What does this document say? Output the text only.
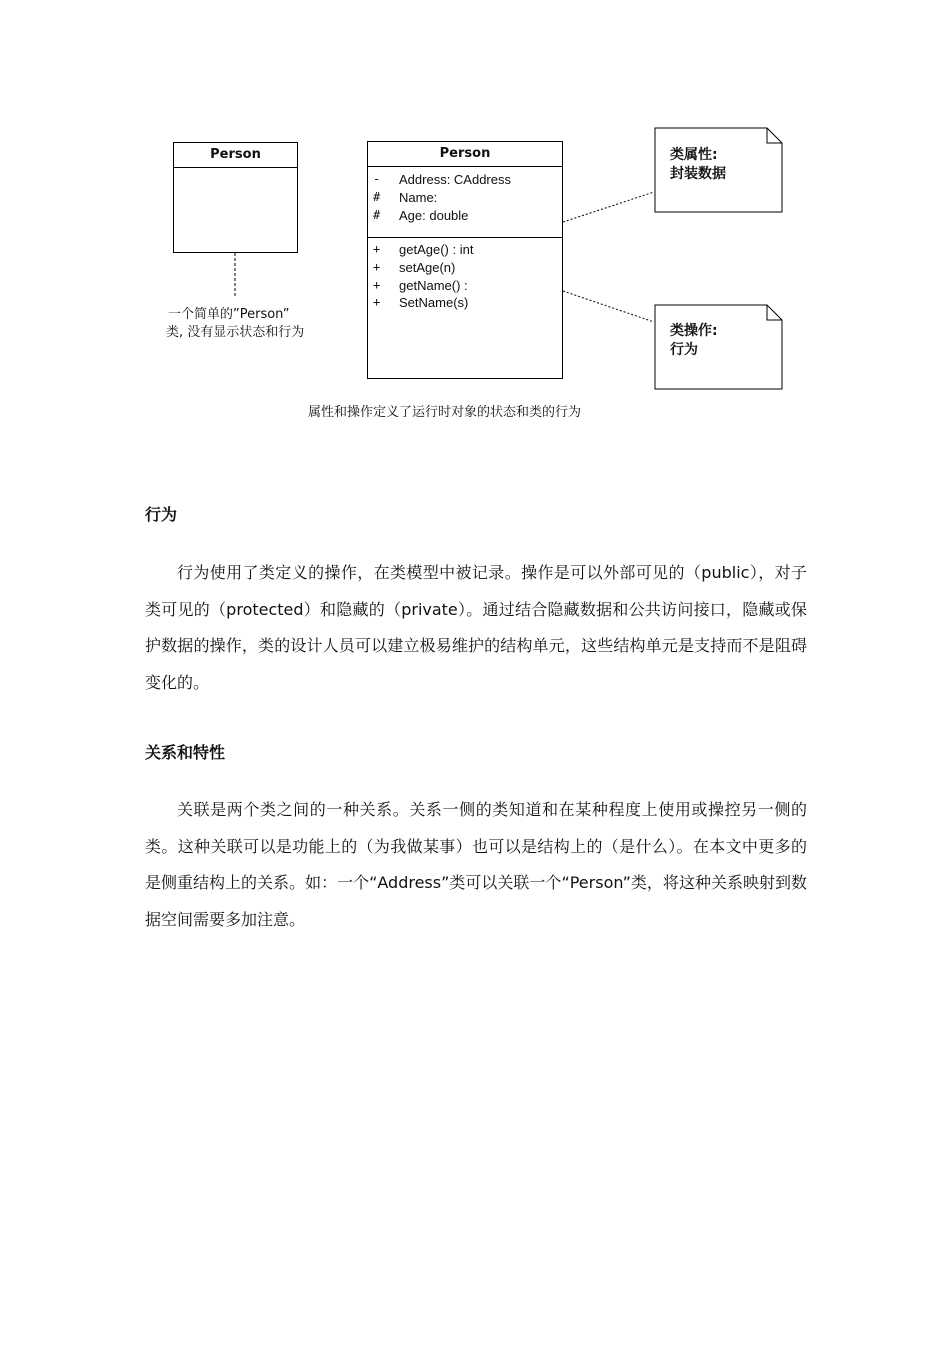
Person	Person
- Address: CAddress
# Name:
# Age: double
+ getAge() : int
+ setAge(n)
+ getName() :
+ SetName(s)
一个简单的”Person”
类, 没有显示状态和行为
类属性:
封装数据
类操作:
行为
属性和操作定义了运行时对象的状态和类的行为
行为

行为使用了类定义的操作，在类模型中被记录。操作是可以外部可见的（public），对子类可见的（protected）和隐藏的（private）。通过结合隐藏数据和公共访问接口，隐藏或保护数据的操作，类的设计人员可以建立极易维护的结构单元，这些结构单元是支持而不是阻碍变化的。

关系和特性

关联是两个类之间的一种关系。关系一侧的类知道和在某种程度上使用或操控另一侧的类。这种关联可以是功能上的（为我做某事）也可以是结构上的（是什么）。在本文中更多的是侧重结构上的关系。如：一个“Address”类可以关联一个“Person”类，将这种关系映射到数据空间需要多加注意。
